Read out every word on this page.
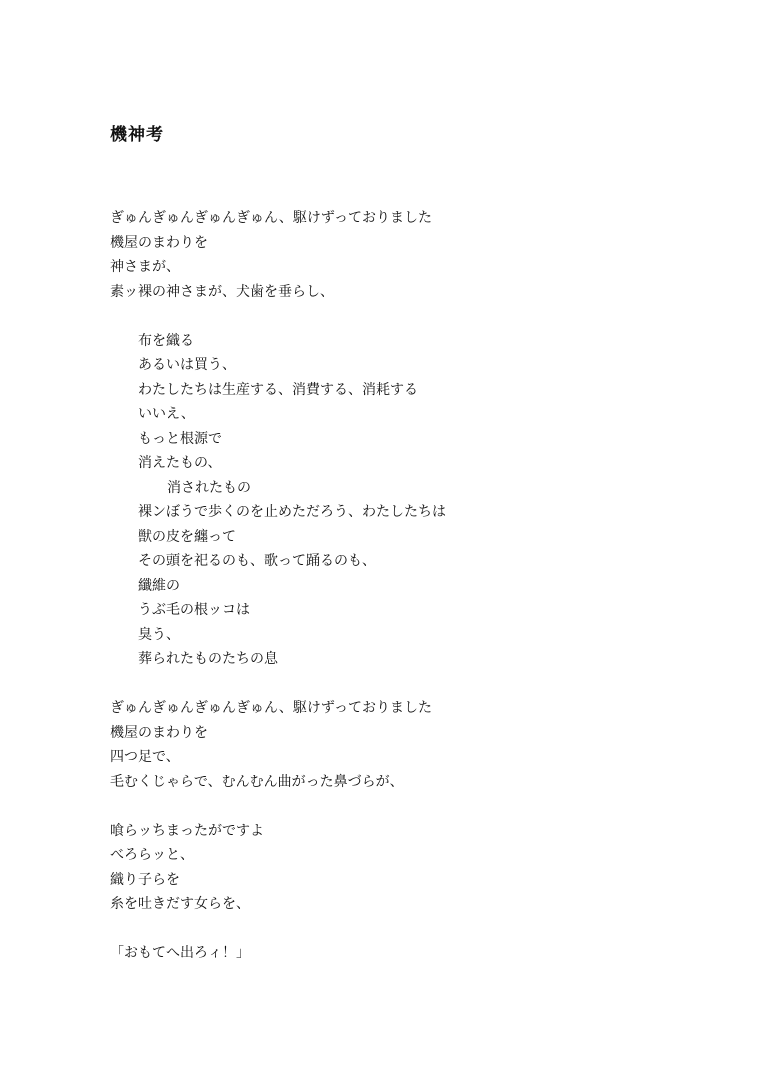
機神考
ぎゅんぎゅんぎゅんぎゅん、駆けずっておりました
機屋のまわりを
神さまが、
素ッ裸の神さまが、犬歯を垂らし、
布を織る
あるいは買う、
わたしたちは生産する、消費する、消耗する
いいえ、
もっと根源で
消えたもの、
消されたもの
裸ンぼうで歩くのを止めただろう、わたしたちは
獣の皮を纏って
その頭を祀るのも、歌って踊るのも、
纖維の
うぶ毛の根ッコは
臭う、
葬られたものたちの息
ぎゅんぎゅんぎゅんぎゅん、駆けずっておりました
機屋のまわりを
四つ足で、
毛むくじゃらで、むんむん曲がった鼻づらが、
喰らッちまったがですよ
べろらッと、
織り子らを
糸を吐きだす女らを、
「おもてへ出ろィ！」
